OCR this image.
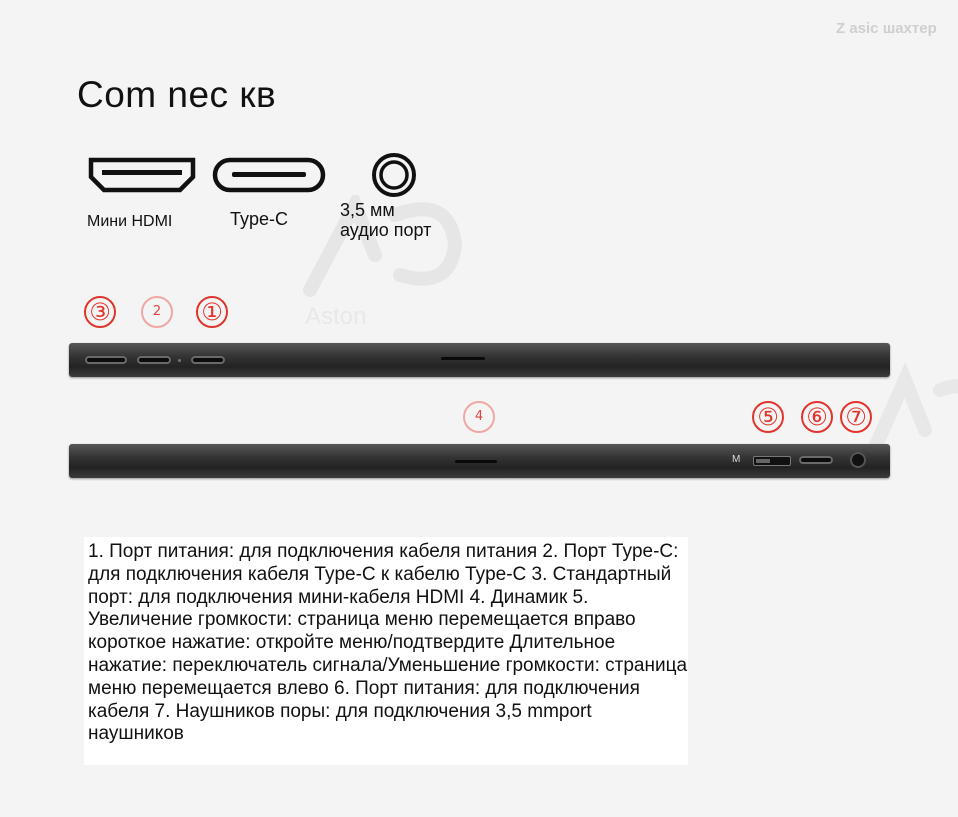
Z asic шахтер
Aston
Com nec кв
Мини HDMI	Type-C	3,5 мм
аудио порт
③	2	①
4	⑤ ⑥ ⑦
M
1. Порт питания: для подключения кабеля питания 2. Порт Type-C: для подключения кабеля Type-C к кабелю Type-C 3. Стандартный порт: для подключения мини-кабеля HDMI 4. Динамик 5. Увеличение громкости: страница меню перемещается вправо короткое нажатие: откройте меню/подтвердите Длительное нажатие: переключатель сигнала/Уменьшение громкости: страница меню перемещается влево 6. Порт питания: для подключения кабеля 7. Наушников поры: для подключения 3,5 mmport наушников
